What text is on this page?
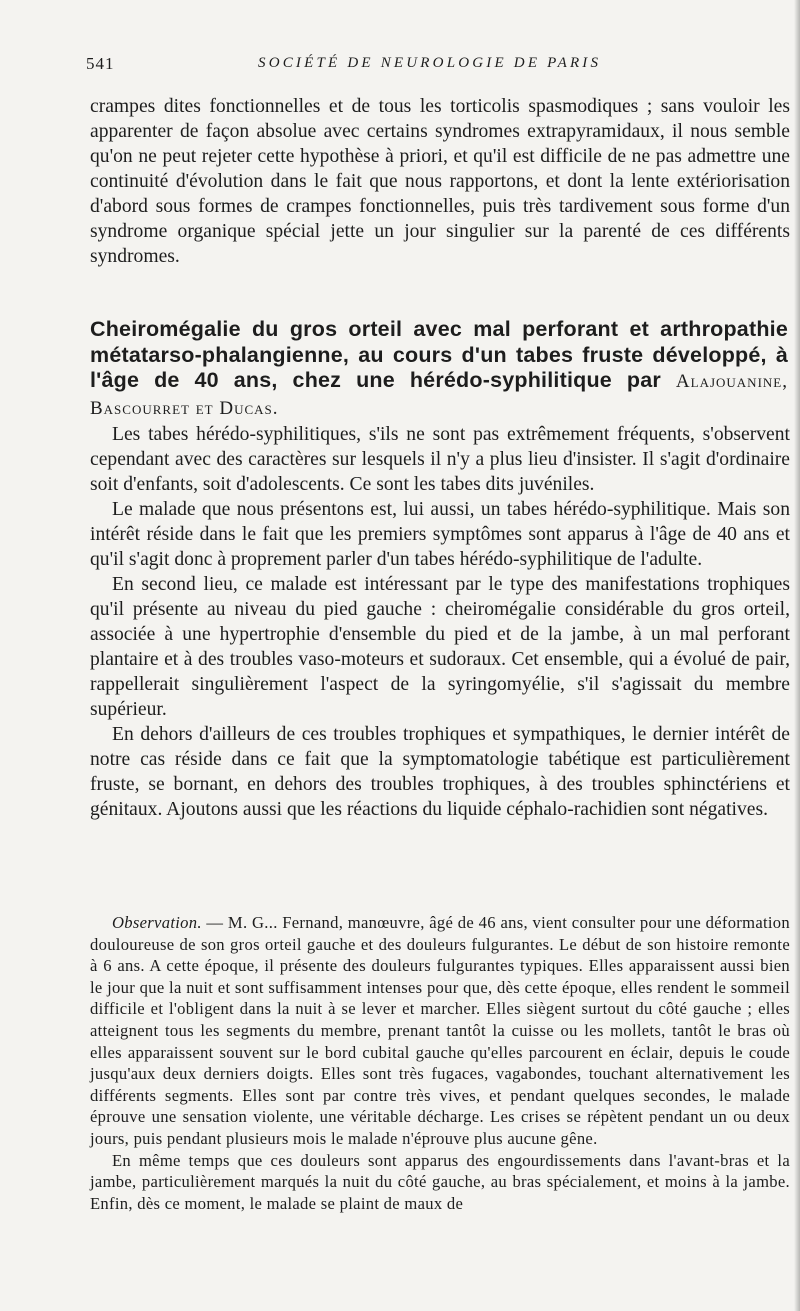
541	SOCIÉTÉ DE NEUROLOGIE DE PARIS

crampes dites fonctionnelles et de tous les torticolis spasmodiques ; sans vouloir les apparenter de façon absolue avec certains syndromes extrapyramidaux, il nous semble qu'on ne peut rejeter cette hypothèse à priori, et qu'il est difficile de ne pas admettre une continuité d'évolution dans le fait que nous rapportons, et dont la lente extériorisation d'abord sous formes de crampes fonctionnelles, puis très tardivement sous forme d'un syndrome organique spécial jette un jour singulier sur la parenté de ces différents syndromes.

Cheiromégalie du gros orteil avec mal perforant et arthropathie métatarso-phalangienne, au cours d'un tabes fruste développé, à l'âge de 40 ans, chez une hérédo-syphilitique par Alajouanine, Bascourret et Ducas.

Les tabes hérédo-syphilitiques, s'ils ne sont pas extrêmement fréquents, s'observent cependant avec des caractères sur lesquels il n'y a plus lieu d'insister. Il s'agit d'ordinaire soit d'enfants, soit d'adolescents. Ce sont les tabes dits juvéniles.

Le malade que nous présentons est, lui aussi, un tabes hérédo-syphilitique. Mais son intérêt réside dans le fait que les premiers symptômes sont apparus à l'âge de 40 ans et qu'il s'agit donc à proprement parler d'un tabes hérédo-syphilitique de l'adulte.

En second lieu, ce malade est intéressant par le type des manifestations trophiques qu'il présente au niveau du pied gauche : cheiromégalie considérable du gros orteil, associée à une hypertrophie d'ensemble du pied et de la jambe, à un mal perforant plantaire et à des troubles vaso-moteurs et sudoraux. Cet ensemble, qui a évolué de pair, rappellerait singulièrement l'aspect de la syringomyélie, s'il s'agissait du membre supérieur.

En dehors d'ailleurs de ces troubles trophiques et sympathiques, le dernier intérêt de notre cas réside dans ce fait que la symptomatologie tabétique est particulièrement fruste, se bornant, en dehors des troubles trophiques, à des troubles sphinctériens et génitaux. Ajoutons aussi que les réactions du liquide céphalo-rachidien sont négatives.

Observation. — M. G... Fernand, manœuvre, âgé de 46 ans, vient consulter pour une déformation douloureuse de son gros orteil gauche et des douleurs fulgurantes. Le début de son histoire remonte à 6 ans. A cette époque, il présente des douleurs fulgurantes typiques. Elles apparaissent aussi bien le jour que la nuit et sont suffisamment intenses pour que, dès cette époque, elles rendent le sommeil difficile et l'obligent dans la nuit à se lever et marcher. Elles siègent surtout du côté gauche ; elles atteignent tous les segments du membre, prenant tantôt la cuisse ou les mollets, tantôt le bras où elles apparaissent souvent sur le bord cubital gauche qu'elles parcourent en éclair, depuis le coude jusqu'aux deux derniers doigts. Elles sont très fugaces, vagabondes, touchant alternativement les différents segments. Elles sont par contre très vives, et pendant quelques secondes, le malade éprouve une sensation violente, une véritable décharge. Les crises se répètent pendant un ou deux jours, puis pendant plusieurs mois le malade n'éprouve plus aucune gêne.

En même temps que ces douleurs sont apparus des engourdissements dans l'avant-bras et la jambe, particulièrement marqués la nuit du côté gauche, au bras spécialement, et moins à la jambe. Enfin, dès ce moment, le malade se plaint de maux de
